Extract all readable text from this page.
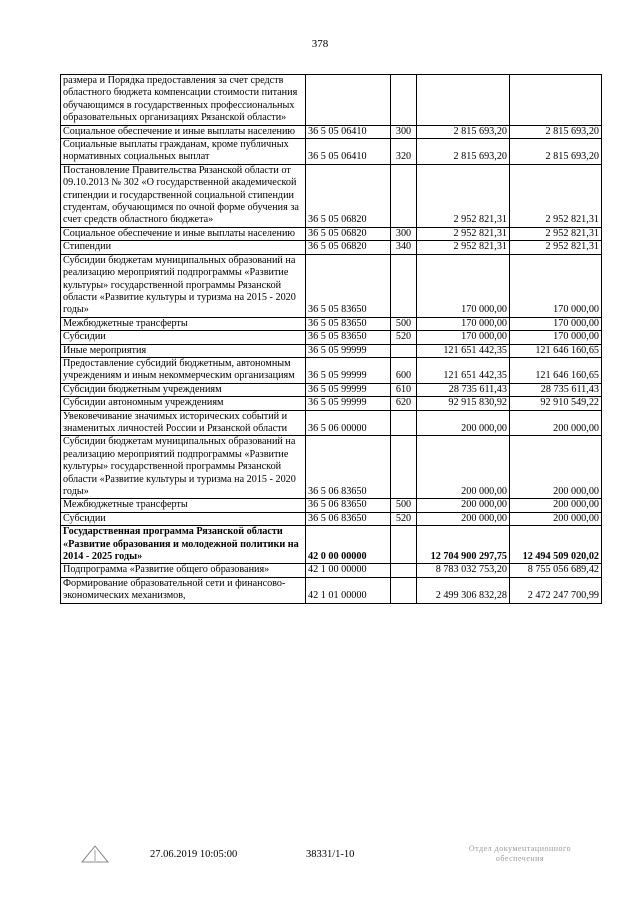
378
размера и Порядка предоставления за счет средств областного бюджета компенсации стоимости питания обучающимся в государственных профессиональных образовательных организациях Рязанской области»				
Социальное обеспечение и иные выплаты населению	36 5 05 06410	300	2 815 693,20	2 815 693,20
Социальные выплаты гражданам, кроме публичных нормативных социальных выплат	36 5 05 06410	320	2 815 693,20	2 815 693,20
Постановление Правительства Рязанской области от 09.10.2013 № 302 «О государственной академической стипендии и государственной социальной стипендии студентам, обучающимся по очной форме обучения за счет средств областного бюджета»	36 5 05 06820		2 952 821,31	2 952 821,31
Социальное обеспечение и иные выплаты населению	36 5 05 06820	300	2 952 821,31	2 952 821,31
Стипендии	36 5 05 06820	340	2 952 821,31	2 952 821,31
Субсидии бюджетам муниципальных образований на реализацию мероприятий подпрограммы «Развитие культуры» государственной программы Рязанской области «Развитие культуры и туризма на 2015 - 2020 годы»	36 5 05 83650		170 000,00	170 000,00
Межбюджетные трансферты	36 5 05 83650	500	170 000,00	170 000,00
Субсидии	36 5 05 83650	520	170 000,00	170 000,00
Иные мероприятия	36 5 05 99999		121 651 442,35	121 646 160,65
Предоставление субсидий бюджетным, автономным учреждениям и иным некоммерческим организациям	36 5 05 99999	600	121 651 442,35	121 646 160,65
Субсидии бюджетным учреждениям	36 5 05 99999	610	28 735 611,43	28 735 611,43
Субсидии автономным учреждениям	36 5 05 99999	620	92 915 830,92	92 910 549,22
Увековечивание значимых исторических событий и знаменитых личностей России и Рязанской области	36 5 06 00000		200 000,00	200 000,00
Субсидии бюджетам муниципальных образований на реализацию мероприятий подпрограммы «Развитие культуры» государственной программы Рязанской области «Развитие культуры и туризма на 2015 - 2020 годы»	36 5 06 83650		200 000,00	200 000,00
Межбюджетные трансферты	36 5 06 83650	500	200 000,00	200 000,00
Субсидии	36 5 06 83650	520	200 000,00	200 000,00
Государственная программа Рязанской области «Развитие образования и молодежной политики на 2014 - 2025 годы»	42 0 00 00000		12 704 900 297,75	12 494 509 020,02
Подпрограмма «Развитие общего образования»	42 1 00 00000		8 783 032 753,20	8 755 056 689,42
Формирование образовательной сети и финансово-экономических механизмов,	42 1 01 00000		2 499 306 832,28	2 472 247 700,99
27.06.2019 10:05:00	38331/1-10
Отдел документационного
обеспечения
